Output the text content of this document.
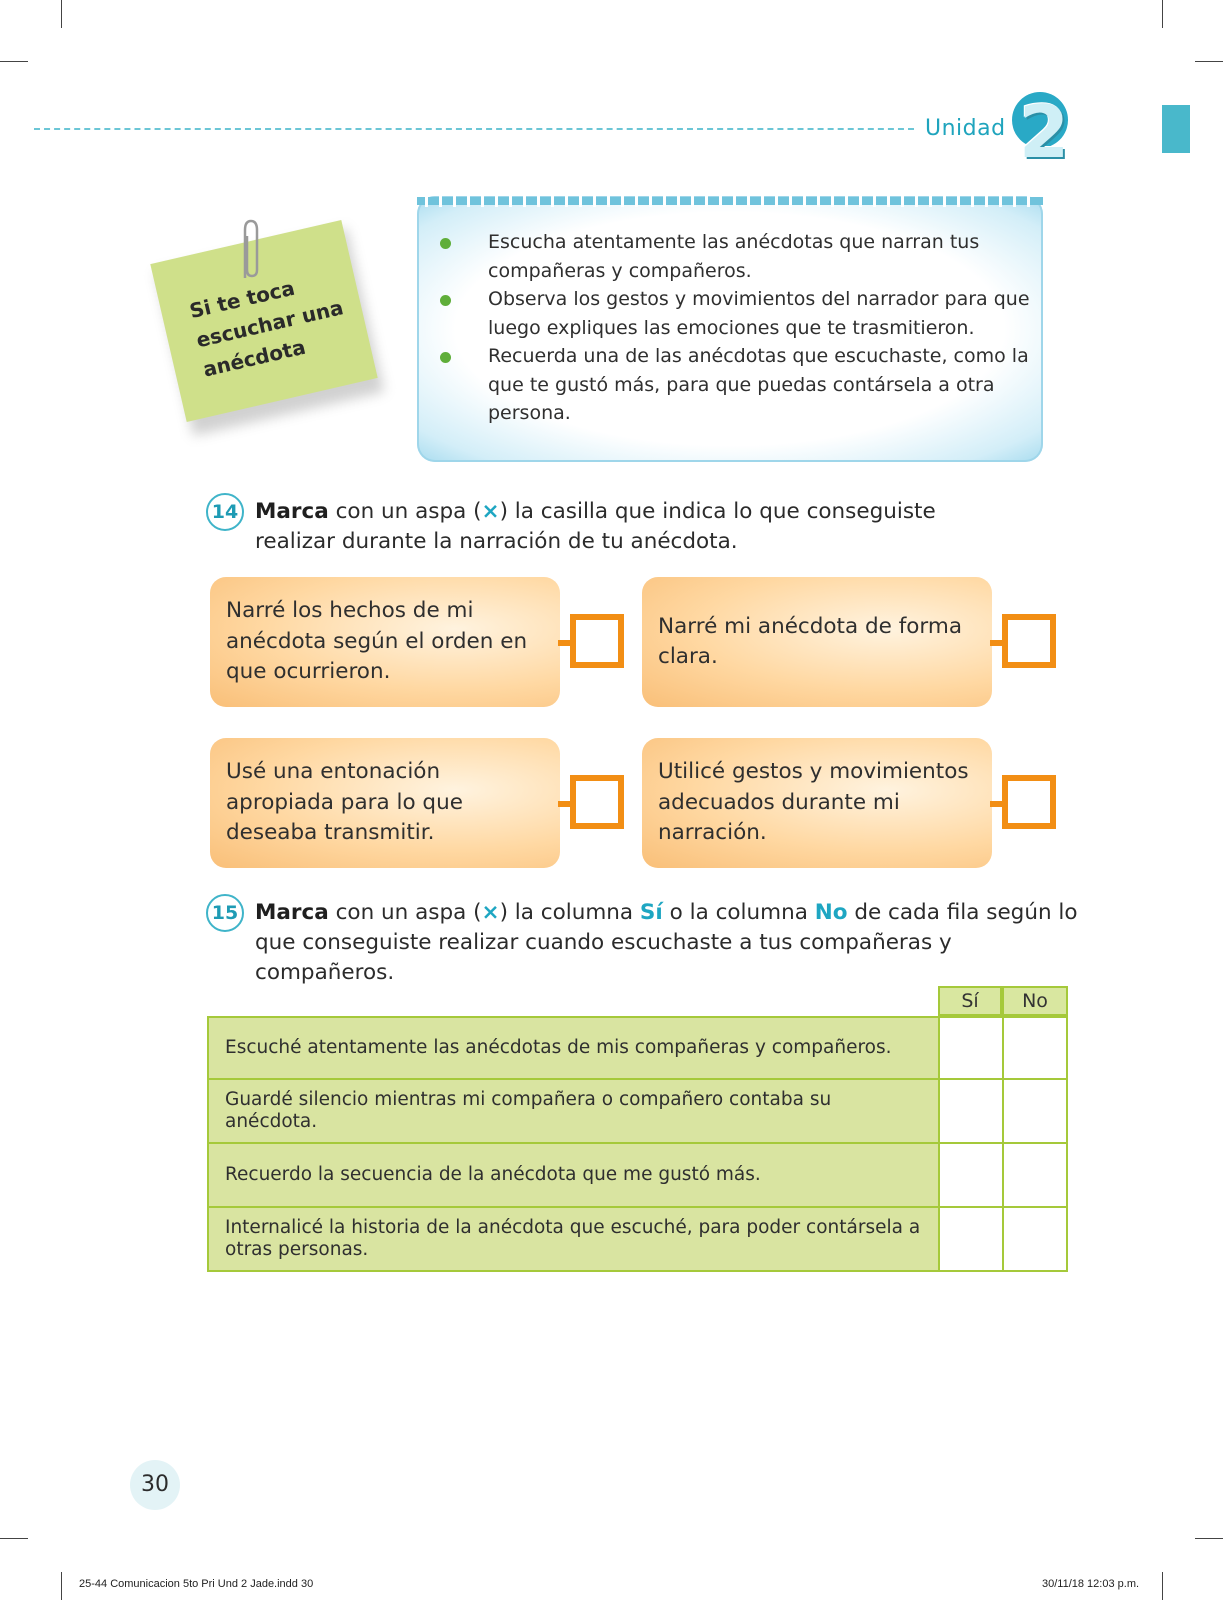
Unidad 2
Si te toca escuchar una anécdota
Escucha atentamente las anécdotas que narran tus compañeras y compañeros.
Observa los gestos y movimientos del narrador para que luego expliques las emociones que te trasmitieron.
Recuerda una de las anécdotas que escuchaste, como la que te gustó más, para que puedas contársela a otra persona.
14 Marca con un aspa (×) la casilla que indica lo que conseguiste realizar durante la narración de tu anécdota.
Narré los hechos de mi anécdota según el orden en que ocurrieron.
Narré mi anécdota de forma clara.
Usé una entonación apropiada para lo que deseaba transmitir.
Utilicé gestos y movimientos adecuados durante mi narración.
15 Marca con un aspa (×) la columna Sí o la columna No de cada fila según lo que conseguiste realizar cuando escuchaste a tus compañeras y compañeros.
Sí	No
Escuché atentamente las anécdotas de mis compañeras y compañeros.
Guardé silencio mientras mi compañera o compañero contaba su anécdota.
Recuerdo la secuencia de la anécdota que me gustó más.
Internalicé la historia de la anécdota que escuché, para poder contársela a otras personas.
30
25-44 Comunicacion 5to Pri Und 2 Jade.indd 30	30/11/18 12:03 p.m.
